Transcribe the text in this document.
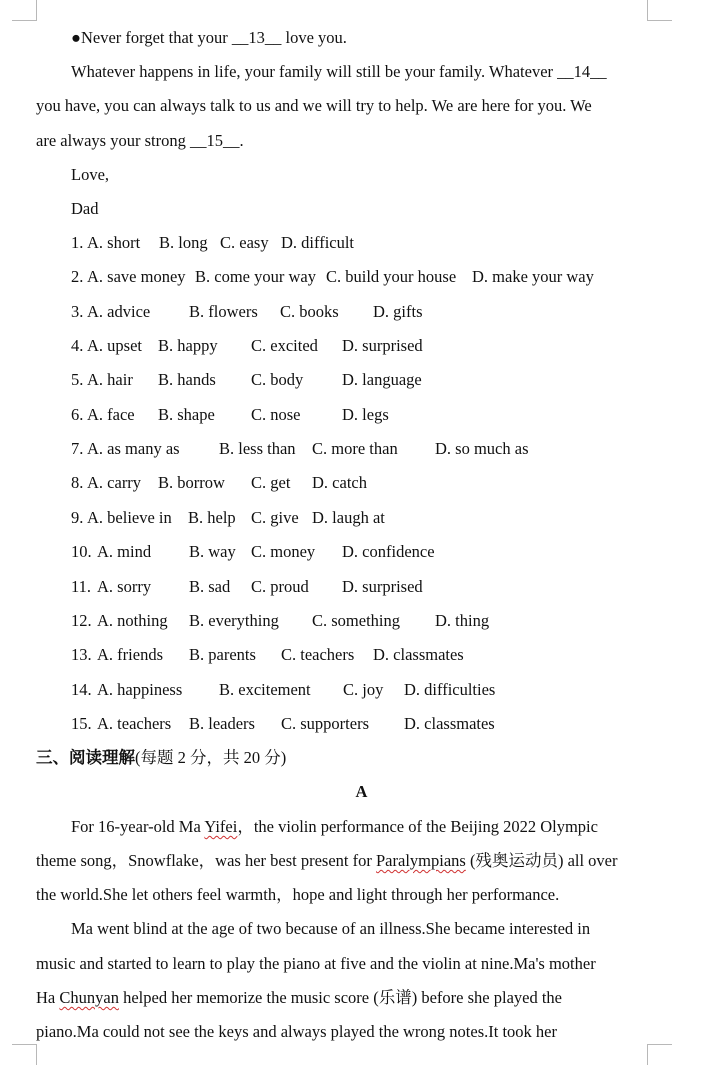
●Never forget that your __13__ love you.
Whatever happens in life, your family will still be your family. Whatever __14__
you have, you can always talk to us and we will try to help. We are here for you. We
are always your strong __15__.
Love,
Dad
1. A. short B. long C. easy D. difficult
2. A. save money B. come your way C. build your house D. make your way
3. A. advice B. flowers C. books D. gifts
4. A. upset B. happy C. excited D. surprised
5. A. hair B. hands C. body D. language
6. A. face B. shape C. nose	D. legs
7. A. as many as B. less than C. more than D. so much as
8. A. carry B. borrow C. get D. catch
9. A. believe in B. help C. give D. laugh at
10. A. mind B. way C. money D. confidence
11. A. sorry B. sad C. proud D. surprised
12. A. nothing B. everything C. something D. thing
13. A. friends B. parents C. teachers D. classmates
14. A. happiness B. excitement C. joy D. difficulties
15. A. teachers B. leaders C. supporters D. classmates
三、阅读理解(每题 2 分，共 20 分)
A
For 16-year-old Ma Yifei，the violin performance of the Beijing 2022 Olympic
theme song，Snowflake，was her best present for Paralympians (残奥运动员) all over
the world.She let others feel warmth，hope and light through her performance.
Ma went blind at the age of two because of an illness.She became interested in
music and started to learn to play the piano at five and the violin at nine.Ma's mother
Ha Chunyan helped her memorize the music score (乐谱) before she played the
piano.Ma could not see the keys and always played the wrong notes.It took her
